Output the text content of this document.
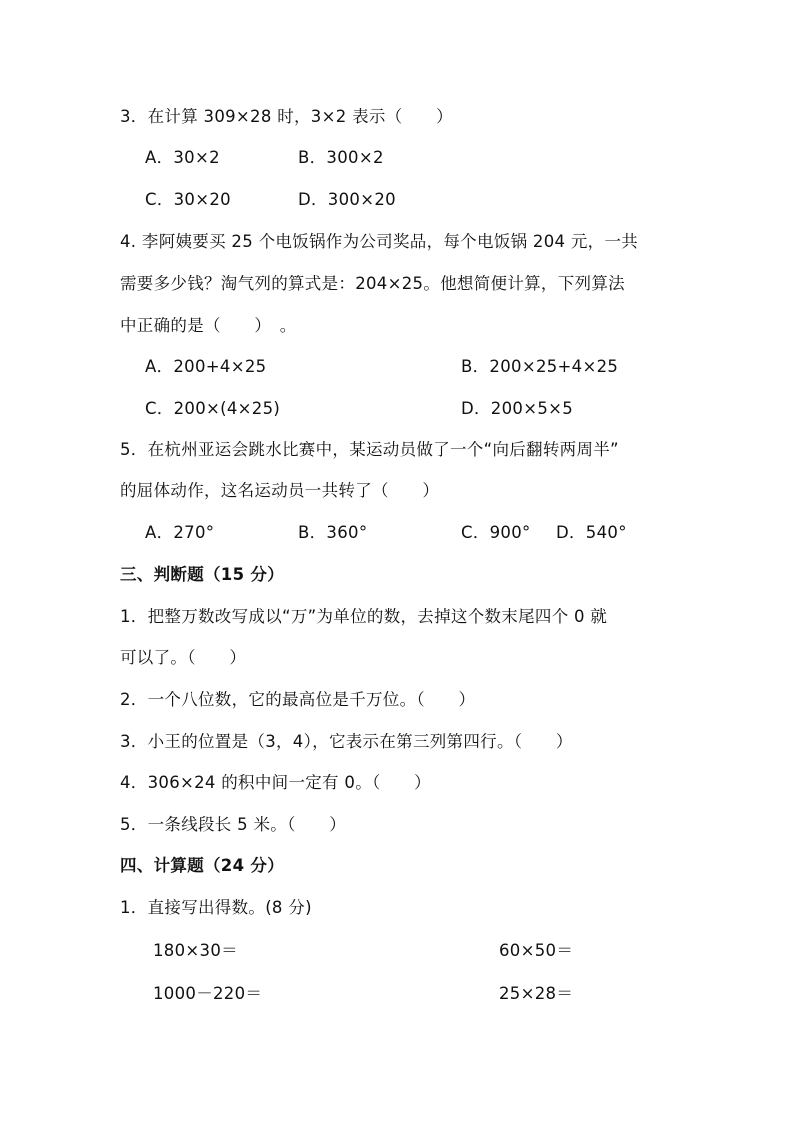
3．在计算 309×28 时，3×2 表示（　　）
A．30×2	B．300×2
C．30×20	D．300×20
4. 李阿姨要买 25 个电饭锅作为公司奖品，每个电饭锅 204 元，一共
需要多少钱？淘气列的算式是：204×25。他想简便计算，下列算法
中正确的是（　　）　。
A．200+4×25	B．200×25+4×25
C．200×(4×25)	D．200×5×5
5．在杭州亚运会跳水比赛中，某运动员做了一个“向后翻转两周半”
的屈体动作，这名运动员一共转了（　　）
A．270°	B．360°	C．900° D．540°
三、判断题（15 分）
1．把整万数改写成以“万”为单位的数，去掉这个数末尾四个 0 就
可以了。（　　）
2．一个八位数，它的最高位是千万位。（　　）
3．小王的位置是（3，4），它表示在第三列第四行。（　　）
4．306×24 的积中间一定有 0。（　　）
5．一条线段长 5 米。（　　）
四、计算题（24 分）
1．直接写出得数。(8 分)
180×30＝	60×50＝
1000－220＝	25×28＝
